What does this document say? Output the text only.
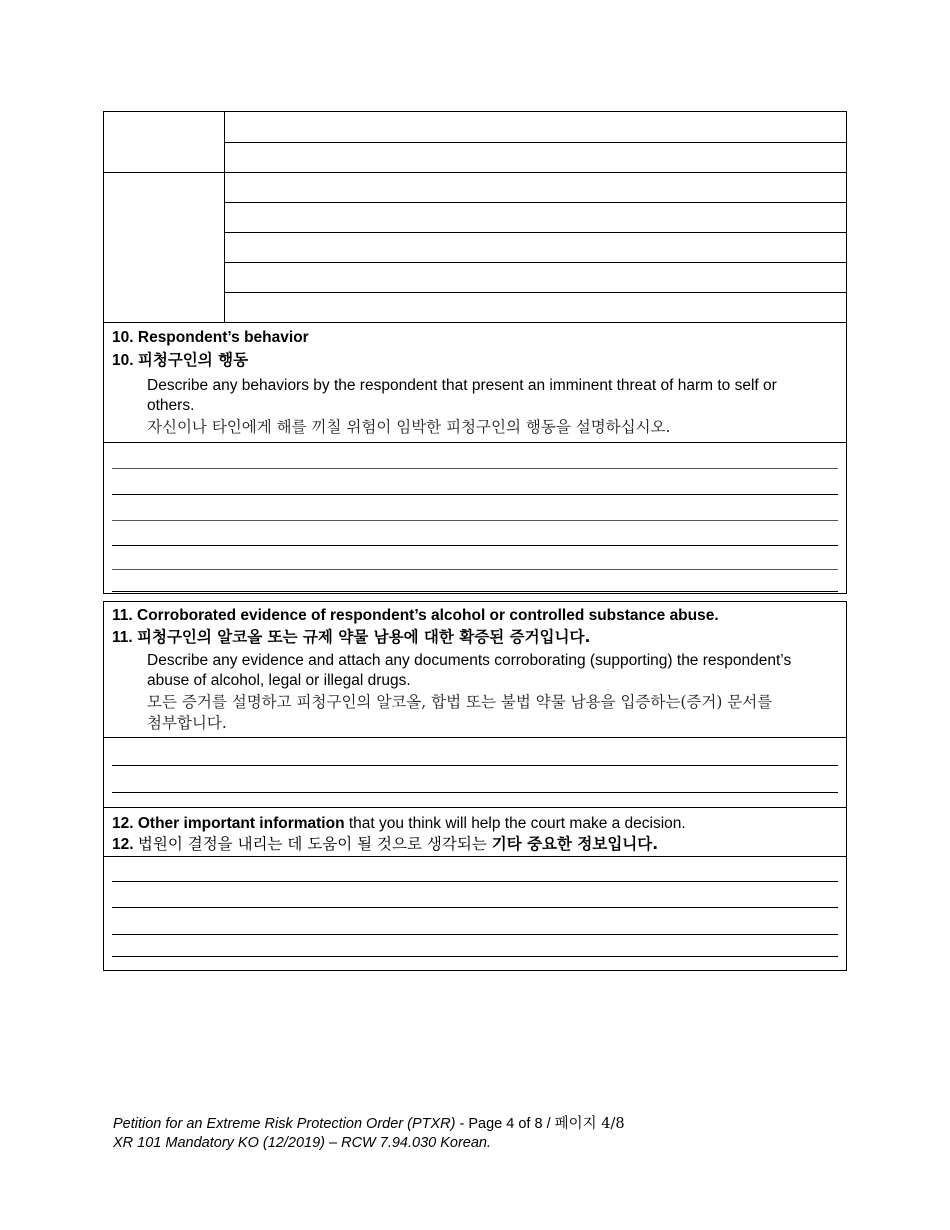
10. Respondent’s behavior
10. 피청구인의 행동
Describe any behaviors by the respondent that present an imminent threat of harm to self or others.
자신이나 타인에게 해를 끼칠 위험이 임박한 피청구인의 행동을 설명하십시오.
11. Corroborated evidence of respondent’s alcohol or controlled substance abuse.
11. 피청구인의 알코올 또는 규제 약물 남용에 대한 확증된 증거입니다.
Describe any evidence and attach any documents corroborating (supporting) the respondent’s abuse of alcohol, legal or illegal drugs.
모든 증거를 설명하고 피청구인의 알코올, 합법 또는 불법 약물 남용을 입증하는(증거) 문서를 첨부합니다.
12. Other important information that you think will help the court make a decision.
12. 법원이 결정을 내리는 데 도움이 될 것으로 생각되는 기타 중요한 정보입니다.
Petition for an Extreme Risk Protection Order (PTXR) - Page 4 of 8 / 페이지 4/8
XR 101 Mandatory KO (12/2019) – RCW 7.94.030 Korean.
